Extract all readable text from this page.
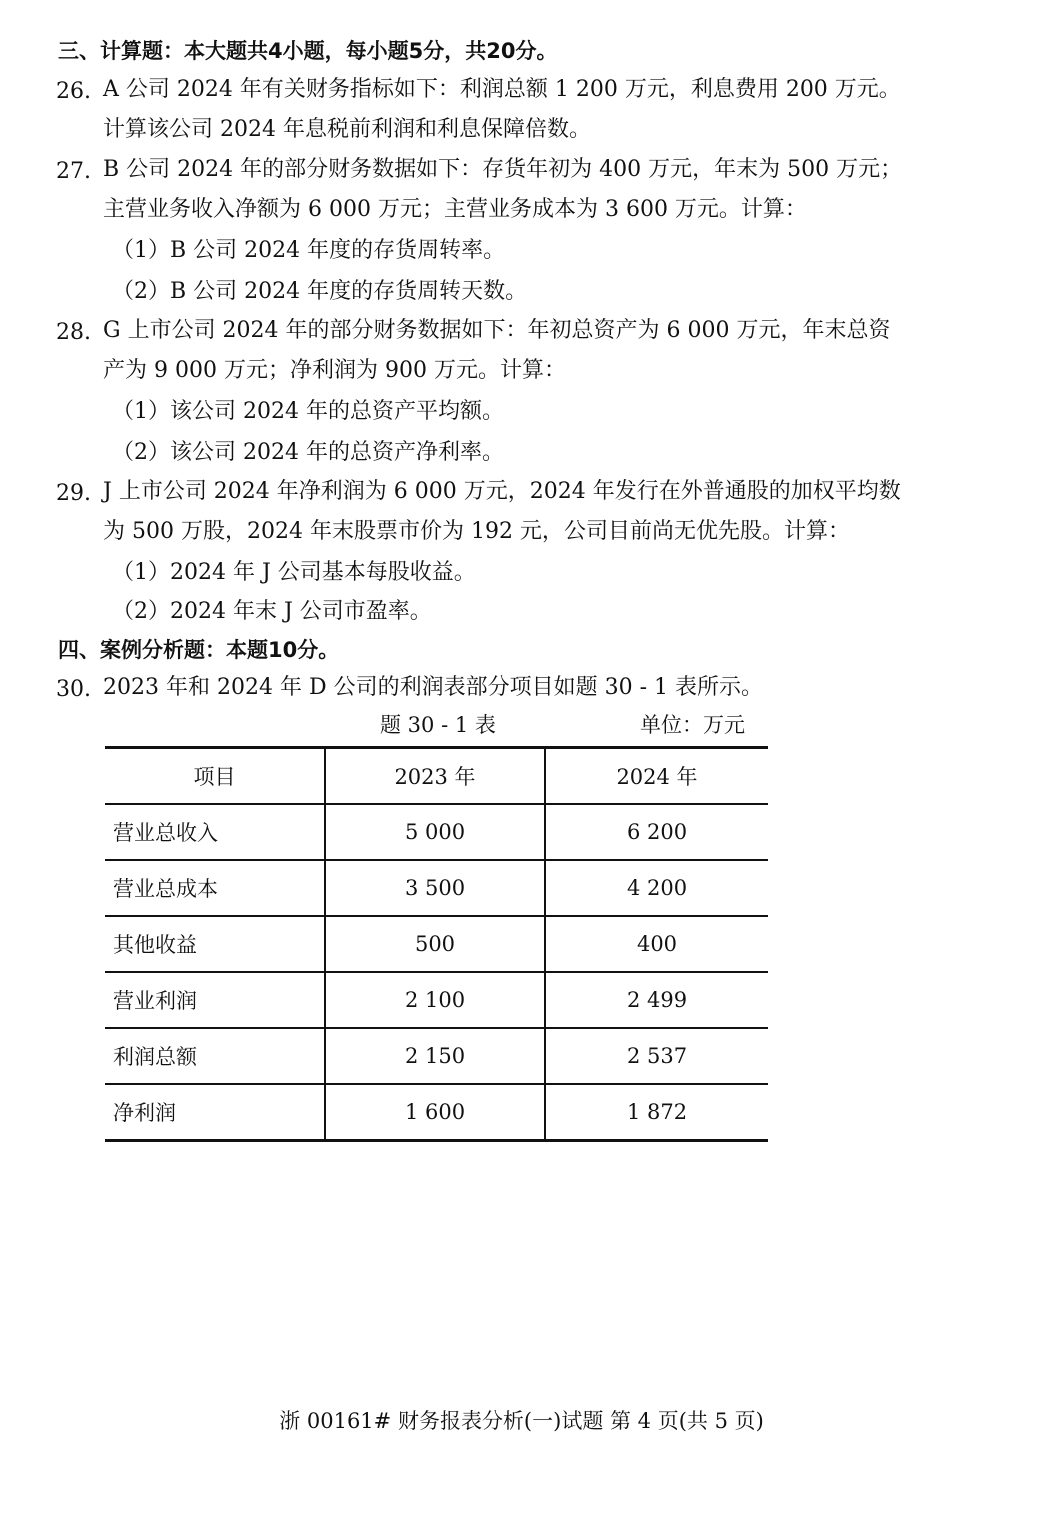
三、计算题：本大题共4小题，每小题5分，共20分。
26. A 公司 2024 年有关财务指标如下：利润总额 1 200 万元，利息费用 200 万元。
计算该公司 2024 年息税前利润和利息保障倍数。
27. B 公司 2024 年的部分财务数据如下：存货年初为 400 万元，年末为 500 万元；
主营业务收入净额为 6 000 万元；主营业务成本为 3 600 万元。计算：
（1）B 公司 2024 年度的存货周转率。
（2）B 公司 2024 年度的存货周转天数。
28. G 上市公司 2024 年的部分财务数据如下：年初总资产为 6 000 万元，年末总资
产为 9 000 万元；净利润为 900 万元。计算：
（1）该公司 2024 年的总资产平均额。
（2）该公司 2024 年的总资产净利率。
29. J 上市公司 2024 年净利润为 6 000 万元，2024 年发行在外普通股的加权平均数
为 500 万股，2024 年末股票市价为 192 元，公司目前尚无优先股。计算：
（1）2024 年 J 公司基本每股收益。
（2）2024 年末 J 公司市盈率。
四、案例分析题：本题10分。
30. 2023 年和 2024 年 D 公司的利润表部分项目如题 30 - 1 表所示。
题 30 - 1 表	单位：万元
项目	2023 年	2024 年
营业总收入	5 000	6 200
营业总成本	3 500	4 200
其他收益	500	400
营业利润	2 100	2 499
利润总额	2 150	2 537
净利润	1 600	1 872
浙 00161# 财务报表分析(一)试题 第 4 页(共 5 页)
